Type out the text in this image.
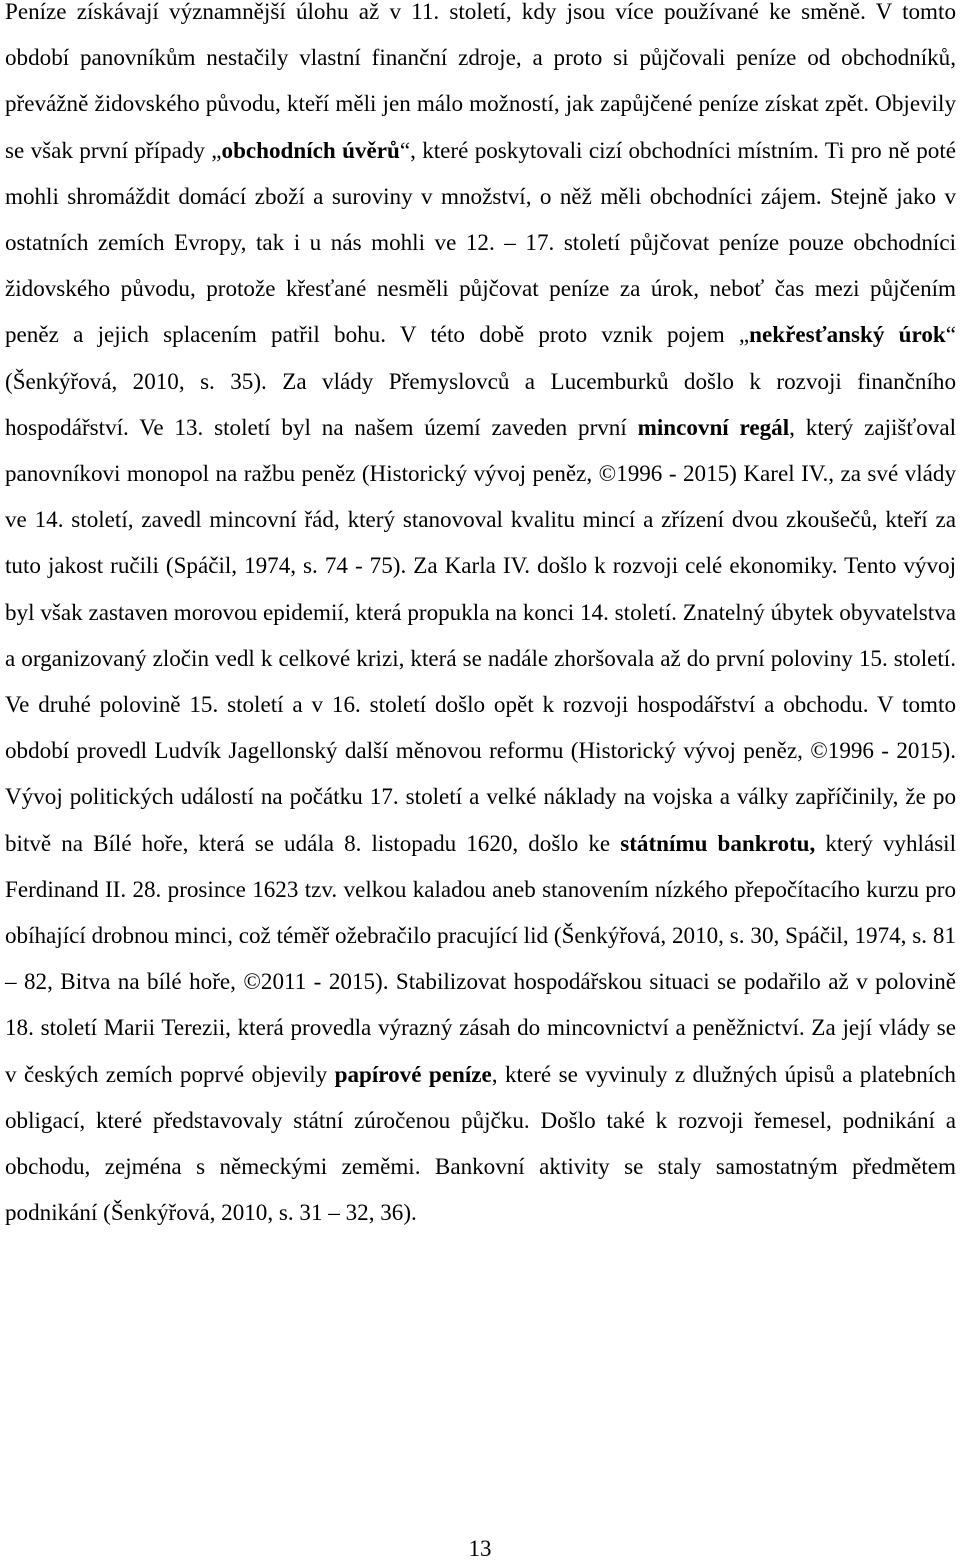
Peníze získávají významnější úlohu až v 11. století, kdy jsou více používané ke směně. V tomto období panovníkům nestačily vlastní finanční zdroje, a proto si půjčovali peníze od obchodníků, převážně židovského původu, kteří měli jen málo možností, jak zapůjčené peníze získat zpět. Objevily se však první případy „obchodních úvěrů“, které poskytovali cizí obchodníci místním. Ti pro ně poté mohli shromáždit domácí zboží a suroviny v množství, o něž měli obchodníci zájem. Stejně jako v ostatních zemích Evropy, tak i u nás mohli ve 12. – 17. století půjčovat peníze pouze obchodníci židovského původu, protože křesťané nesměli půjčovat peníze za úrok, neboť čas mezi půjčením peněz a jejich splacením patřil bohu. V této době proto vznik pojem „nekřesťanský úrok“ (Šenkýřová, 2010, s. 35). Za vlády Přemyslovců a Lucemburků došlo k rozvoji finančního hospodářství. Ve 13. století byl na našem území zaveden první mincovní regál, který zajišťoval panovníkovi monopol na ražbu peněz (Historický vývoj peněz, ©1996 - 2015) Karel IV., za své vlády ve 14. století, zavedl mincovní řád, který stanovoval kvalitu mincí a zřízení dvou zkoušečů, kteří za tuto jakost ručili (Spáčil, 1974, s. 74 - 75). Za Karla IV. došlo k rozvoji celé ekonomiky. Tento vývoj byl však zastaven morovou epidemií, která propukla na konci 14. století. Znatelný úbytek obyvatelstva a organizovaný zločin vedl k celkové krizi, která se nadále zhoršovala až do první poloviny 15. století. Ve druhé polovině 15. století a v 16. století došlo opět k rozvoji hospodářství a obchodu. V tomto období provedl Ludvík Jagellonský další měnovou reformu (Historický vývoj peněz, ©1996 - 2015). Vývoj politických událostí na počátku 17. století a velké náklady na vojska a války zapříčinily, že po bitvě na Bílé hoře, která se udála 8. listopadu 1620, došlo ke státnímu bankrotu, který vyhlásil Ferdinand II. 28. prosince 1623 tzv. velkou kaladou aneb stanovením nízkého přepočítacího kurzu pro obíhající drobnou minci, což téměř ožebračilo pracující lid (Šenkýřová, 2010, s. 30, Spáčil, 1974, s. 81 – 82, Bitva na bílé hoře, ©2011 - 2015). Stabilizovat hospodářskou situaci se podařilo až v polovině 18. století Marii Terezii, která provedla výrazný zásah do mincovnictví a peněžnictví. Za její vlády se v českých zemích poprvé objevily papírové peníze, které se vyvinuly z dlužných úpisů a platebních obligací, které představovaly státní zúročenou půjčku. Došlo také k rozvoji řemesel, podnikání a obchodu, zejména s německými zeměmi. Bankovní aktivity se staly samostatným předmětem podnikání (Šenkýřová, 2010, s. 31 – 32, 36).

13
